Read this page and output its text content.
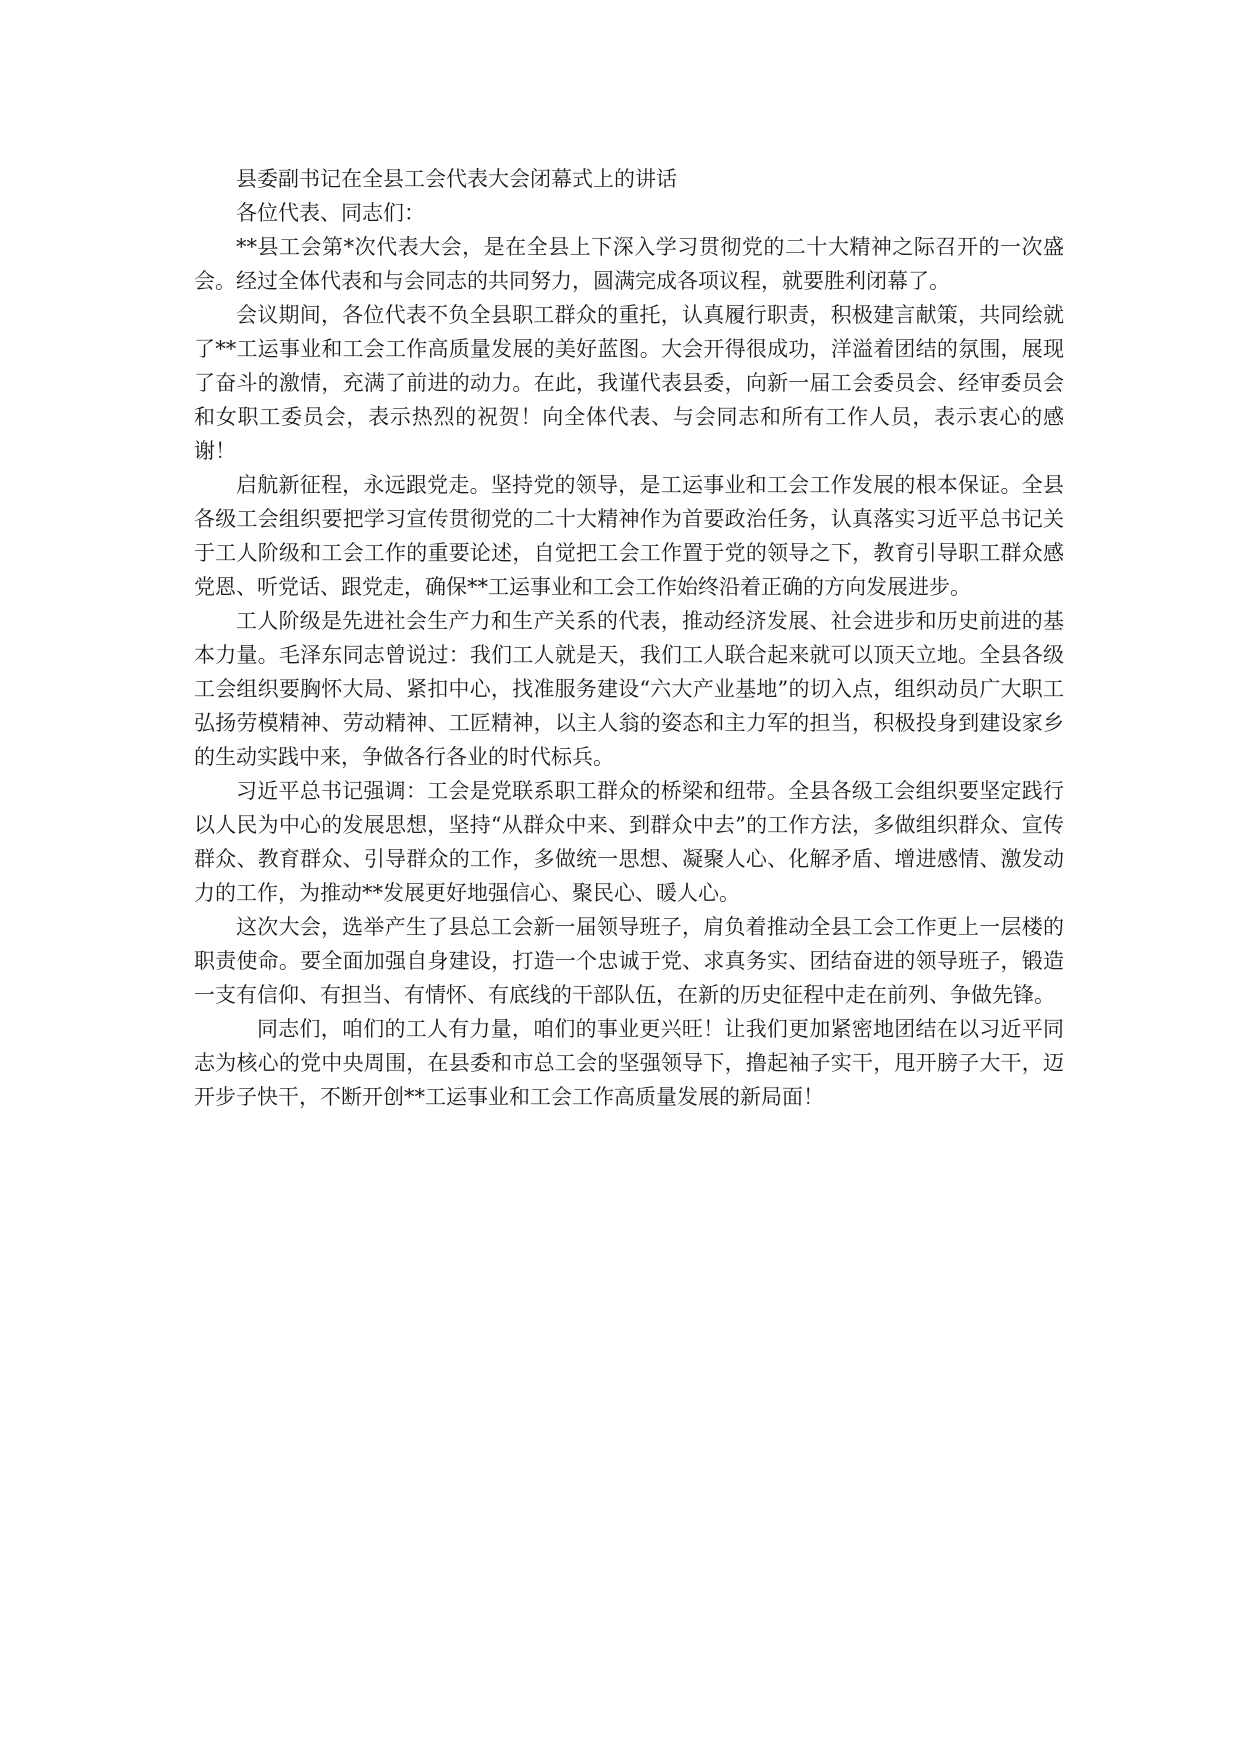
县委副书记在全县工会代表大会闭幕式上的讲话

各位代表、同志们：

**县工会第*次代表大会，是在全县上下深入学习贯彻党的二十大精神之际召开的一次盛会。经过全体代表和与会同志的共同努力，圆满完成各项议程，就要胜利闭幕了。

会议期间，各位代表不负全县职工群众的重托，认真履行职责，积极建言献策，共同绘就了**工运事业和工会工作高质量发展的美好蓝图。大会开得很成功，洋溢着团结的氛围，展现了奋斗的激情，充满了前进的动力。在此，我谨代表县委，向新一届工会委员会、经审委员会和女职工委员会，表示热烈的祝贺！向全体代表、与会同志和所有工作人员，表示衷心的感谢！

启航新征程，永远跟党走。坚持党的领导，是工运事业和工会工作发展的根本保证。全县各级工会组织要把学习宣传贯彻党的二十大精神作为首要政治任务，认真落实习近平总书记关于工人阶级和工会工作的重要论述，自觉把工会工作置于党的领导之下，教育引导职工群众感党恩、听党话、跟党走，确保**工运事业和工会工作始终沿着正确的方向发展进步。

工人阶级是先进社会生产力和生产关系的代表，推动经济发展、社会进步和历史前进的基本力量。毛泽东同志曾说过：我们工人就是天，我们工人联合起来就可以顶天立地。全县各级工会组织要胸怀大局、紧扣中心，找准服务建设“六大产业基地”的切入点，组织动员广大职工弘扬劳模精神、劳动精神、工匠精神，以主人翁的姿态和主力军的担当，积极投身到建设家乡的生动实践中来，争做各行各业的时代标兵。

习近平总书记强调：工会是党联系职工群众的桥梁和纽带。全县各级工会组织要坚定践行以人民为中心的发展思想，坚持“从群众中来、到群众中去”的工作方法，多做组织群众、宣传群众、教育群众、引导群众的工作，多做统一思想、凝聚人心、化解矛盾、增进感情、激发动力的工作，为推动**发展更好地强信心、聚民心、暖人心。

这次大会，选举产生了县总工会新一届领导班子，肩负着推动全县工会工作更上一层楼的职责使命。要全面加强自身建设，打造一个忠诚于党、求真务实、团结奋进的领导班子，锻造一支有信仰、有担当、有情怀、有底线的干部队伍，在新的历史征程中走在前列、争做先锋。

同志们，咱们的工人有力量，咱们的事业更兴旺！让我们更加紧密地团结在以习近平同志为核心的党中央周围，在县委和市总工会的坚强领导下，撸起袖子实干，甩开膀子大干，迈开步子快干，不断开创**工运事业和工会工作高质量发展的新局面！
